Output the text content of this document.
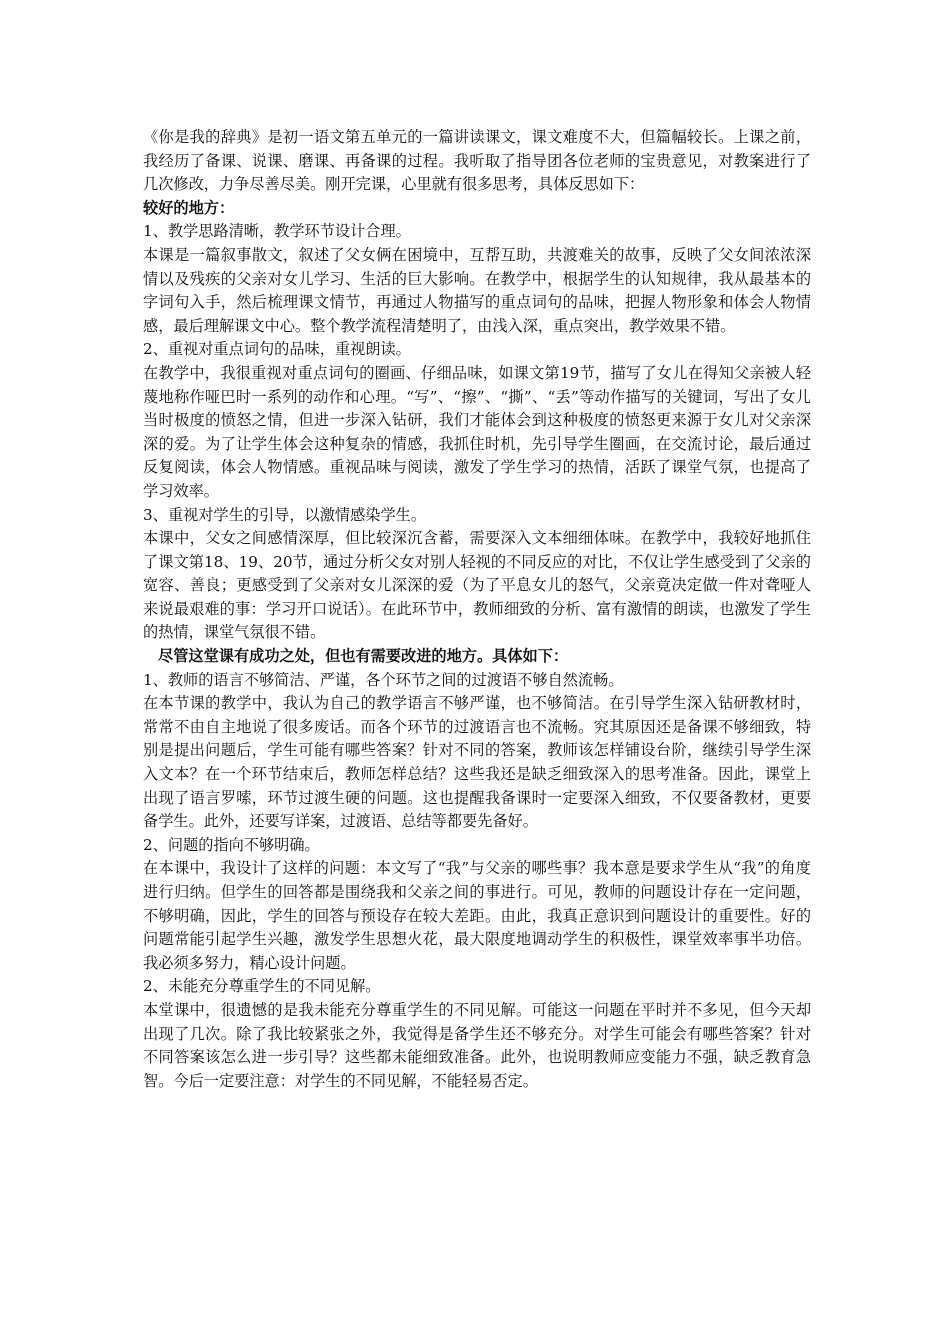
《你是我的辞典》是初一语文第五单元的一篇讲读课文，课文难度不大，但篇幅较长。上课之前，我经历了备课、说课、磨课、再备课的过程。我听取了指导团各位老师的宝贵意见，对教案进行了几次修改，力争尽善尽美。刚开完课，心里就有很多思考，具体反思如下：

较好的地方：

1、教学思路清晰，教学环节设计合理。

本课是一篇叙事散文，叙述了父女俩在困境中，互帮互助，共渡难关的故事，反映了父女间浓浓深情以及残疾的父亲对女儿学习、生活的巨大影响。在教学中，根据学生的认知规律，我从最基本的字词句入手，然后梳理课文情节，再通过人物描写的重点词句的品味，把握人物形象和体会人物情感，最后理解课文中心。整个教学流程清楚明了，由浅入深，重点突出，教学效果不错。

2、重视对重点词句的品味，重视朗读。

在教学中，我很重视对重点词句的圈画、仔细品味，如课文第19节，描写了女儿在得知父亲被人轻蔑地称作哑巴时一系列的动作和心理。“写”、“擦”、“撕”、“丢”等动作描写的关键词，写出了女儿当时极度的愤怒之情，但进一步深入钻研，我们才能体会到这种极度的愤怒更来源于女儿对父亲深深的爱。为了让学生体会这种复杂的情感，我抓住时机，先引导学生圈画，在交流讨论，最后通过反复阅读，体会人物情感。重视品味与阅读，激发了学生学习的热情，活跃了课堂气氛，也提高了学习效率。

3、重视对学生的引导，以激情感染学生。

本课中，父女之间感情深厚，但比较深沉含蓄，需要深入文本细细体味。在教学中，我较好地抓住了课文第18、19、20节，通过分析父女对别人轻视的不同反应的对比，不仅让学生感受到了父亲的宽容、善良；更感受到了父亲对女儿深深的爱（为了平息女儿的怒气，父亲竟决定做一件对聋哑人来说最艰难的事：学习开口说话）。在此环节中，教师细致的分析、富有激情的朗读，也激发了学生的热情，课堂气氛很不错。

尽管这堂课有成功之处，但也有需要改进的地方。具体如下：

1、教师的语言不够简洁、严谨，各个环节之间的过渡语不够自然流畅。

在本节课的教学中，我认为自己的教学语言不够严谨，也不够简洁。在引导学生深入钻研教材时，常常不由自主地说了很多废话。而各个环节的过渡语言也不流畅。究其原因还是备课不够细致，特别是提出问题后，学生可能有哪些答案？针对不同的答案，教师该怎样铺设台阶，继续引导学生深入文本？在一个环节结束后，教师怎样总结？这些我还是缺乏细致深入的思考准备。因此，课堂上出现了语言罗嗦，环节过渡生硬的问题。这也提醒我备课时一定要深入细致，不仅要备教材，更要备学生。此外，还要写详案，过渡语、总结等都要先备好。

2、问题的指向不够明确。

在本课中，我设计了这样的问题：本文写了“我”与父亲的哪些事？我本意是要求学生从“我”的角度进行归纳。但学生的回答都是围绕我和父亲之间的事进行。可见，教师的问题设计存在一定问题，不够明确，因此，学生的回答与预设存在较大差距。由此，我真正意识到问题设计的重要性。好的问题常能引起学生兴趣，激发学生思想火花，最大限度地调动学生的积极性，课堂效率事半功倍。我必须多努力，精心设计问题。

2、未能充分尊重学生的不同见解。

本堂课中，很遗憾的是我未能充分尊重学生的不同见解。可能这一问题在平时并不多见，但今天却出现了几次。除了我比较紧张之外，我觉得是备学生还不够充分。对学生可能会有哪些答案？针对不同答案该怎么进一步引导？这些都未能细致准备。此外，也说明教师应变能力不强，缺乏教育急智。今后一定要注意：对学生的不同见解，不能轻易否定。
